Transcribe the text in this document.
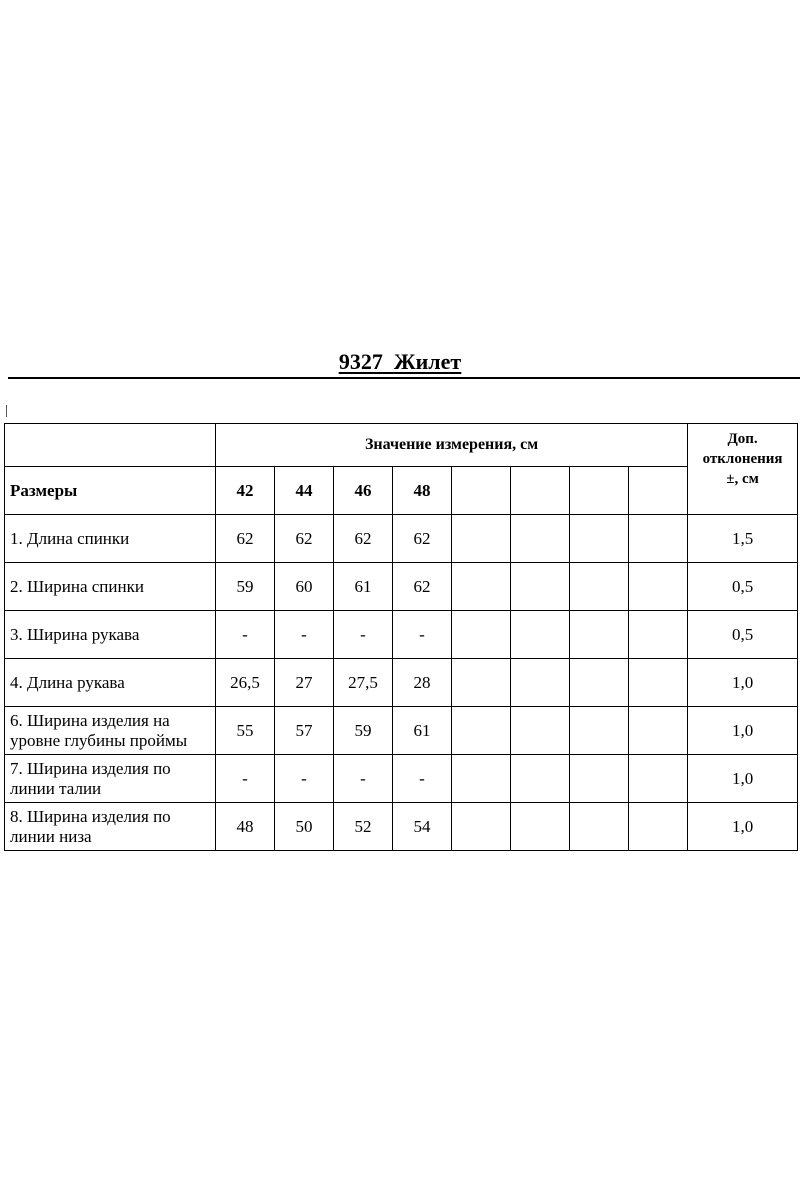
9327 Жилет
	Значение измерения, см								Доп.
отклонения
±, см

Размеры	42	44	46	48					

1. Длина спинки	62	62	62	62					1,5

2. Ширина спинки	59	60	61	62					0,5

3. Ширина рукава	-	-	-	-					0,5

4. Длина рукава	26,5	27	27,5	28					1,0

6. Ширина изделия на
уровне глубины проймы	55	57	59	61					1,0

7. Ширина изделия по
линии талии	-	-	-	-					1,0

8. Ширина изделия по
линии низа	48	50	52	54					1,0
